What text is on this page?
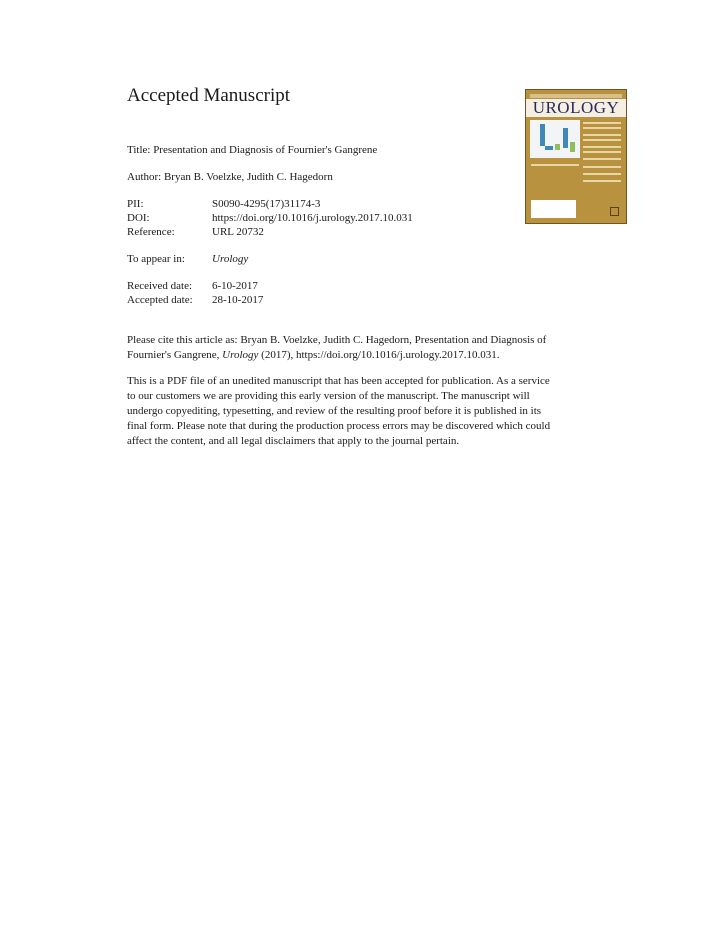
Accepted Manuscript
Title: Presentation and Diagnosis of Fournier's Gangrene
Author: Bryan B. Voelzke, Judith C. Hagedorn
PII:	S0090-4295(17)31174-3
DOI:	https://doi.org/10.1016/j.urology.2017.10.031
Reference:	URL 20732
To appear in: Urology
Received date: 6-10-2017
Accepted date: 28-10-2017

Please cite this article as: Bryan B. Voelzke, Judith C. Hagedorn, Presentation and Diagnosis of

Fournier's Gangrene, Urology (2017), https://doi.org/10.1016/j.urology.2017.10.031.

This is a PDF file of an unedited manuscript that has been accepted for publication. As a service

to our customers we are providing this early version of the manuscript. The manuscript will

undergo copyediting, typesetting, and review of the resulting proof before it is published in its

final form. Please note that during the production process errors may be discovered which could

affect the content, and all legal disclaimers that apply to the journal pertain.

UROLOGY
